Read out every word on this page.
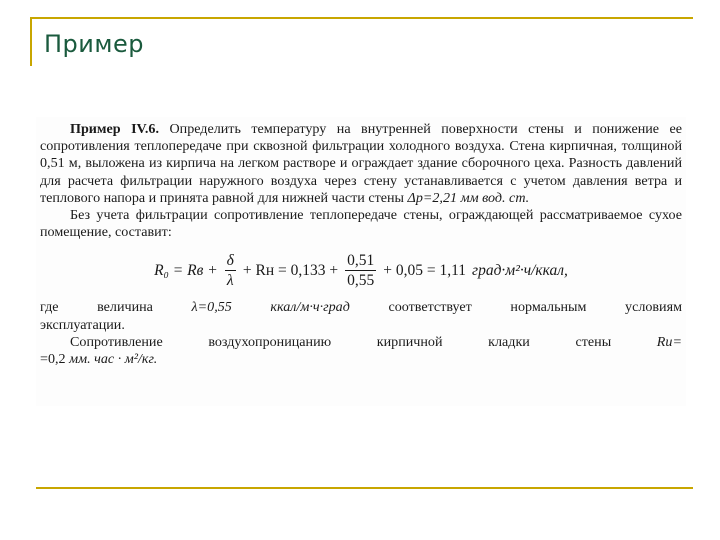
Пример

Пример IV.6. Определить температуру на внутренней поверхности стены и понижение ее сопротивления теплопередаче при сквозной фильтрации холодного воздуха. Стена кирпичная, толщиной 0,51 м, выложена из кирпича на легком растворе и ограждает здание сборочного цеха. Разность давлений для расчета фильтрации наружного воздуха через стену устанавливается с учетом давления ветра и теплового напора и принята равной для нижней части стены Δp=2,21 мм вод. ст.

Без учета фильтрации сопротивление теплопередаче стены, ограждающей рассматриваемое сухое помещение, составит:

R₀ = Rв + $\frac{\delta}{\lambda}$ + Rн = $0,133 + \frac{0,51}{0,55} + 0,05 = 1,11$ град·м²·ч/ккал,
где	величина	λ=0,55	ккал/м·ч·град	соответствует	нормальным	условиям

эксплуатации.

Сопротивление	воздухопроницанию	кирпичной	кладки	стены	Rи=

=0,2 мм. час · м²/кг.
